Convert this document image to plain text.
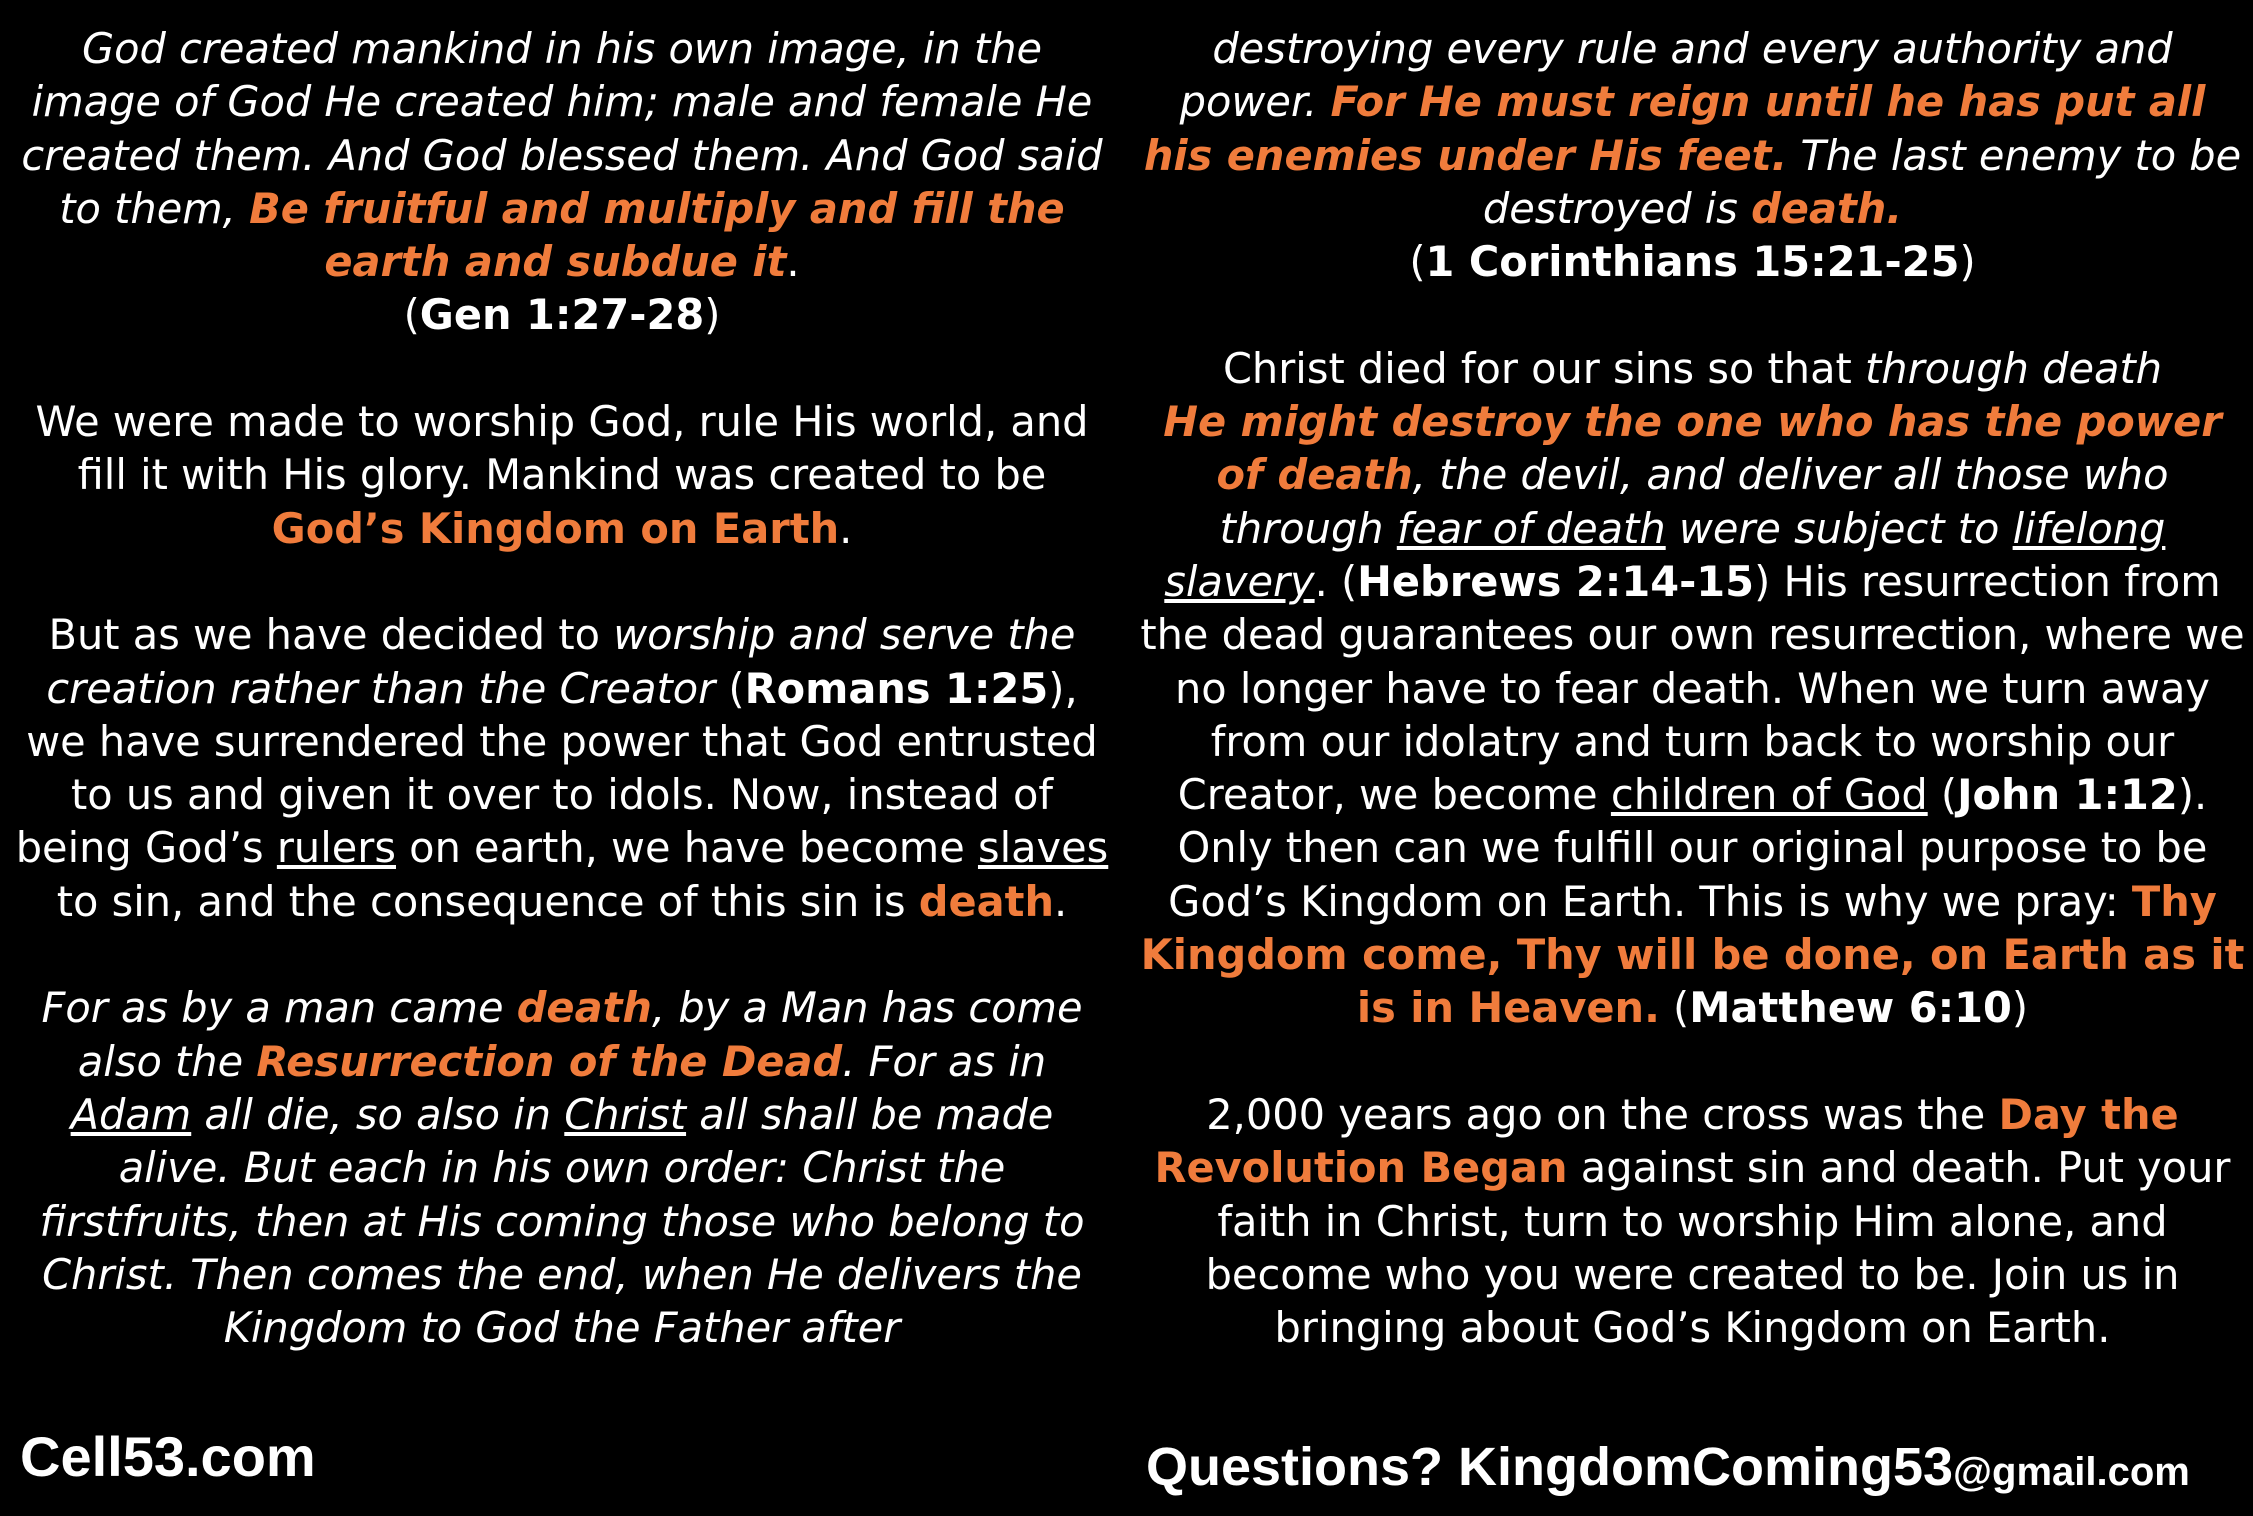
God created mankind in his own image, in the image of God He created him; male and female He created them. And God blessed them. And God said to them, Be fruitful and multiply and fill the earth and subdue it.
(Gen 1:27-28)

We were made to worship God, rule His world, and fill it with His glory. Mankind was created to be God’s Kingdom on Earth.

But as we have decided to worship and serve the creation rather than the Creator (Romans 1:25), we have surrendered the power that God entrusted to us and given it over to idols. Now, instead of being God’s rulers on earth, we have become slaves to sin, and the consequence of this sin is death.

For as by a man came death, by a Man has come also the Resurrection of the Dead. For as in Adam all die, so also in Christ all shall be made alive. But each in his own order: Christ the firstfruits, then at His coming those who belong to Christ. Then comes the end, when He delivers the Kingdom to God the Father after

destroying every rule and every authority and power. For He must reign until he has put all his enemies under His feet. The last enemy to be destroyed is death.
(1 Corinthians 15:21-25)

Christ died for our sins so that through death
He might destroy the one who has the power of death, the devil, and deliver all those who through fear of death were subject to lifelong slavery. (Hebrews 2:14-15) His resurrection from the dead guarantees our own resurrection, where we no longer have to fear death. When we turn away from our idolatry and turn back to worship our Creator, we become children of God (John 1:12). Only then can we fulfill our original purpose to be God’s Kingdom on Earth. This is why we pray: Thy Kingdom come, Thy will be done, on Earth as it is in Heaven. (Matthew 6:10)

2,000 years ago on the cross was the Day the Revolution Began against sin and death. Put your faith in Christ, turn to worship Him alone, and become who you were created to be. Join us in bringing about God’s Kingdom on Earth.

Cell53.com	Questions? KingdomComing53@gmail.com
